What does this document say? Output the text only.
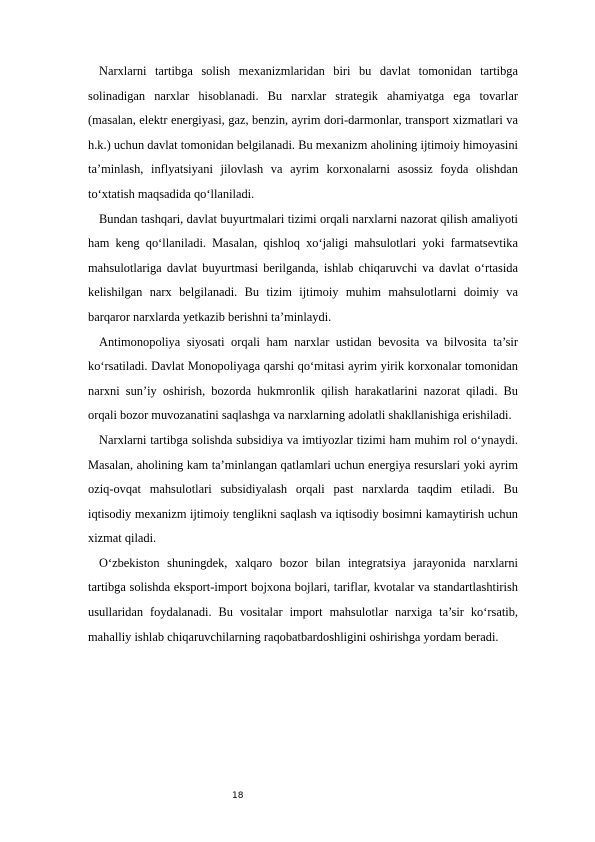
Narxlarni tartibga solish mexanizmlaridan biri bu davlat tomonidan tartibga solinadigan narxlar hisoblanadi. Bu narxlar strategik ahamiyatga ega tovarlar (masalan, elektr energiyasi, gaz, benzin, ayrim dori-darmonlar, transport xizmatlari va h.k.) uchun davlat tomonidan belgilanadi. Bu mexanizm aholining ijtimoiy himoyasini ta’minlash, inflyatsiyani jilovlash va ayrim korxonalarni asossiz foyda olishdan to‘xtatish maqsadida qo‘llaniladi.

Bundan tashqari, davlat buyurtmalari tizimi orqali narxlarni nazorat qilish amaliyoti ham keng qo‘llaniladi. Masalan, qishloq xo‘jaligi mahsulotlari yoki farmatsevtika mahsulotlariga davlat buyurtmasi berilganda, ishlab chiqaruvchi va davlat o‘rtasida kelishilgan narx belgilanadi. Bu tizim ijtimoiy muhim mahsulotlarni doimiy va barqaror narxlarda yetkazib berishni ta’minlaydi.

Antimonopoliya siyosati orqali ham narxlar ustidan bevosita va bilvosita ta’sir ko‘rsatiladi. Davlat Monopoliyaga qarshi qo‘mitasi ayrim yirik korxonalar tomonidan narxni sun’iy oshirish, bozorda hukmronlik qilish harakatlarini nazorat qiladi. Bu orqali bozor muvozanatini saqlashga va narxlarning adolatli shakllanishiga erishiladi.

Narxlarni tartibga solishda subsidiya va imtiyozlar tizimi ham muhim rol o‘ynaydi. Masalan, aholining kam ta’minlangan qatlamlari uchun energiya resurslari yoki ayrim oziq-ovqat mahsulotlari subsidiyalash orqali past narxlarda taqdim etiladi. Bu iqtisodiy mexanizm ijtimoiy tenglikni saqlash va iqtisodiy bosimni kamaytirish uchun xizmat qiladi.

O‘zbekiston shuningdek, xalqaro bozor bilan integratsiya jarayonida narxlarni tartibga solishda eksport-import bojxona bojlari, tariflar, kvotalar va standartlashtirish usullaridan foydalanadi. Bu vositalar import mahsulotlar narxiga ta’sir ko‘rsatib, mahalliy ishlab chiqaruvchilarning raqobatbardoshligini oshirishga yordam beradi.

18
